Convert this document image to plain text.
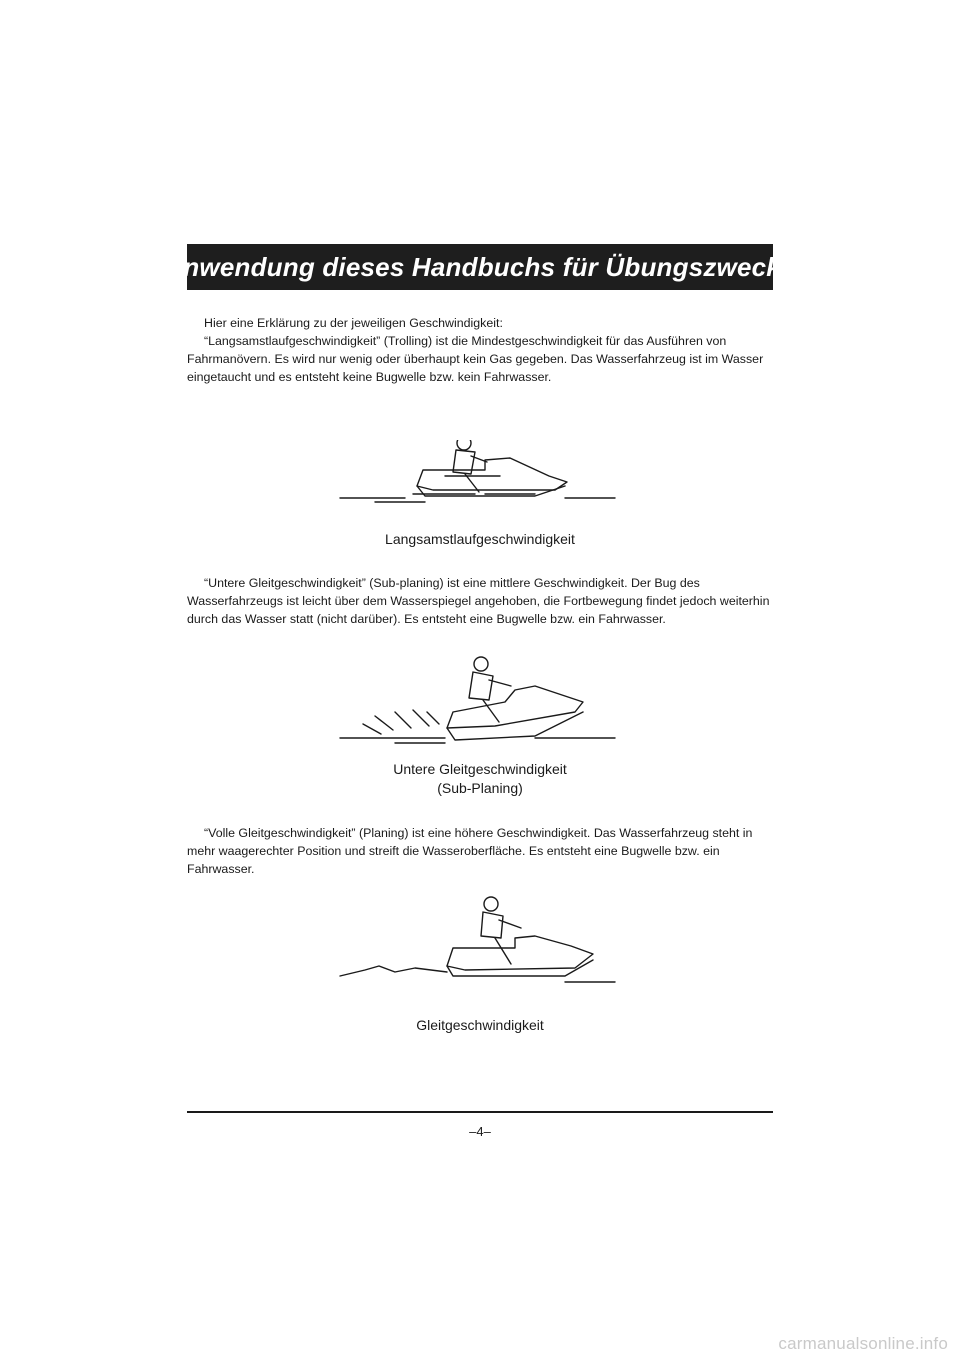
Anwendung dieses Handbuchs für Übungszwecke

Hier eine Erklärung zu der jeweiligen Geschwindigkeit:

“Langsamstlaufgeschwindigkeit” (Trolling) ist die Mindestgeschwindigkeit für das Ausführen von Fahrmanövern. Es wird nur wenig oder überhaupt kein Gas gegeben. Das Wasserfahrzeug ist im Wasser eingetaucht und es entsteht keine Bugwelle bzw. kein Fahrwasser.

Langsamstlaufgeschwindigkeit

“Untere Gleitgeschwindigkeit” (Sub-planing) ist eine mittlere Geschwindigkeit. Der Bug des Wasserfahrzeugs ist leicht über dem Wasserspiegel angehoben, die Fortbewegung findet jedoch weiterhin durch das Wasser statt (nicht darüber). Es entsteht eine Bugwelle bzw. ein Fahrwasser.

Untere Gleitgeschwindigkeit
(Sub-Planing)

“Volle Gleitgeschwindigkeit” (Planing) ist eine höhere Geschwindigkeit. Das Wasserfahrzeug steht in mehr waagerechter Position und streift die Wasseroberfläche. Es entsteht eine Bugwelle bzw. ein Fahrwasser.

Gleitgeschwindigkeit
–4–
carmanualsonline.info
